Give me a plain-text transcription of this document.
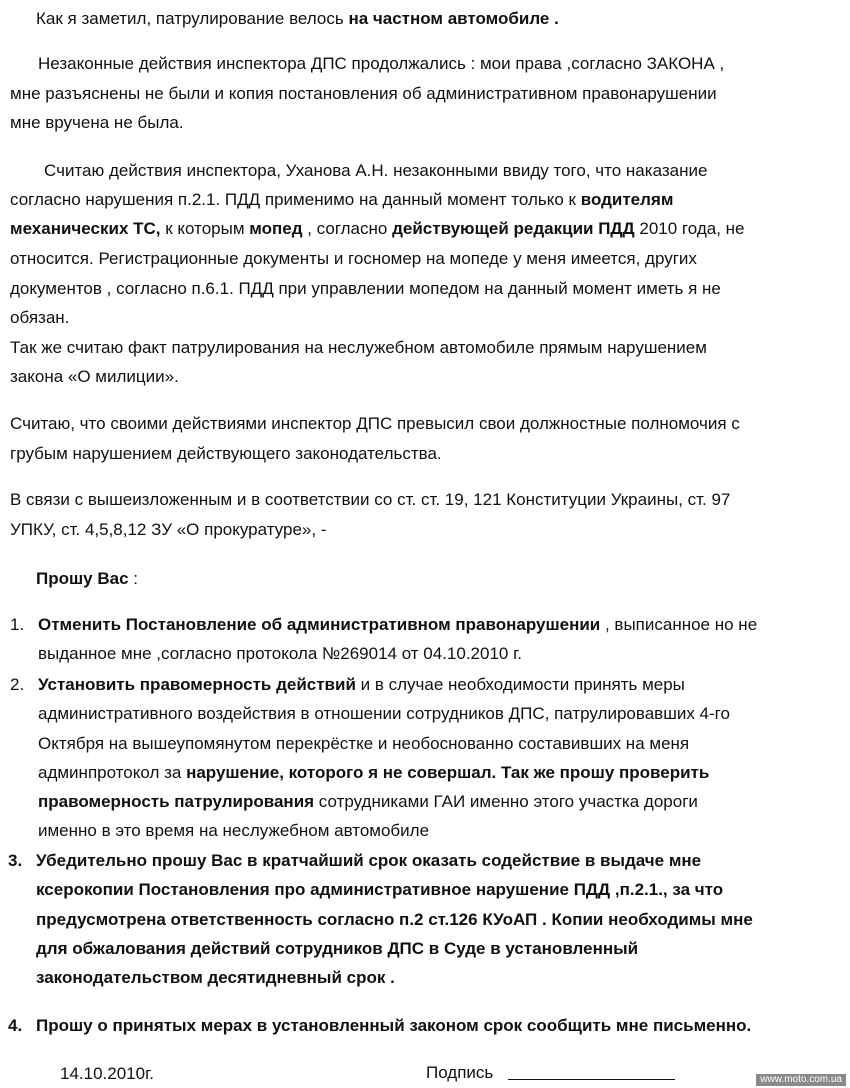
Как я заметил, патрулирование велось на частном автомобиле .
Незаконные действия инспектора ДПС продолжались : мои права ,согласно ЗАКОНА ,
мне разъяснены не были и копия постановления об административном правонарушении
мне вручена не была.
Считаю действия инспектора, Уханова А.Н. незаконными ввиду того, что наказание
согласно нарушения п.2.1. ПДД применимо на данный момент только к водителям
механических ТС, к которым мопед , согласно действующей редакции ПДД 2010 года, не
относится. Регистрационные документы и госномер на мопеде у меня имеется, других
документов , согласно п.6.1. ПДД при управлении мопедом на данный момент иметь я не
обязан.
Так же считаю факт патрулирования на неслужебном автомобиле прямым нарушением
закона «О милиции».
Считаю, что своими действиями инспектор ДПС превысил свои должностные полномочия с
грубым нарушением действующего законодательства.
В связи с вышеизложенным и в соответствии со ст. ст. 19, 121 Конституции Украины, ст. 97
УПКУ, ст. 4,5,8,12 ЗУ «О прокуратуре», -
Прошу Вас :
1. Отменить Постановление об административном правонарушении , выписанное но не
выданное мне ,согласно протокола №269014 от 04.10.2010 г.
2. Установить правомерность действий и в случае необходимости принять меры
административного воздействия в отношении сотрудников ДПС, патрулировавших 4-го
Октября на вышеупомянутом перекрёстке и необоснованно составивших на меня
админпротокол за нарушение, которого я не совершал. Так же прошу проверить
правомерность патрулирования сотрудниками ГАИ именно этого участка дороги
именно в это время на неслужебном автомобиле
3. Убедительно прошу Вас в кратчайший срок оказать содействие в выдаче мне
ксерокопии Постановления про административное нарушение ПДД ,п.2.1., за что
предусмотрена ответственность согласно п.2 ст.126 КУоАП . Копии необходимы мне
для обжалования действий сотрудников ДПС в Суде в установленный
законодательством десятидневный срок .
4. Прошу о принятых мерах в установленный законом срок сообщить мне письменно.
14.10.2010г.	Подпись	www.moto.com.ua
